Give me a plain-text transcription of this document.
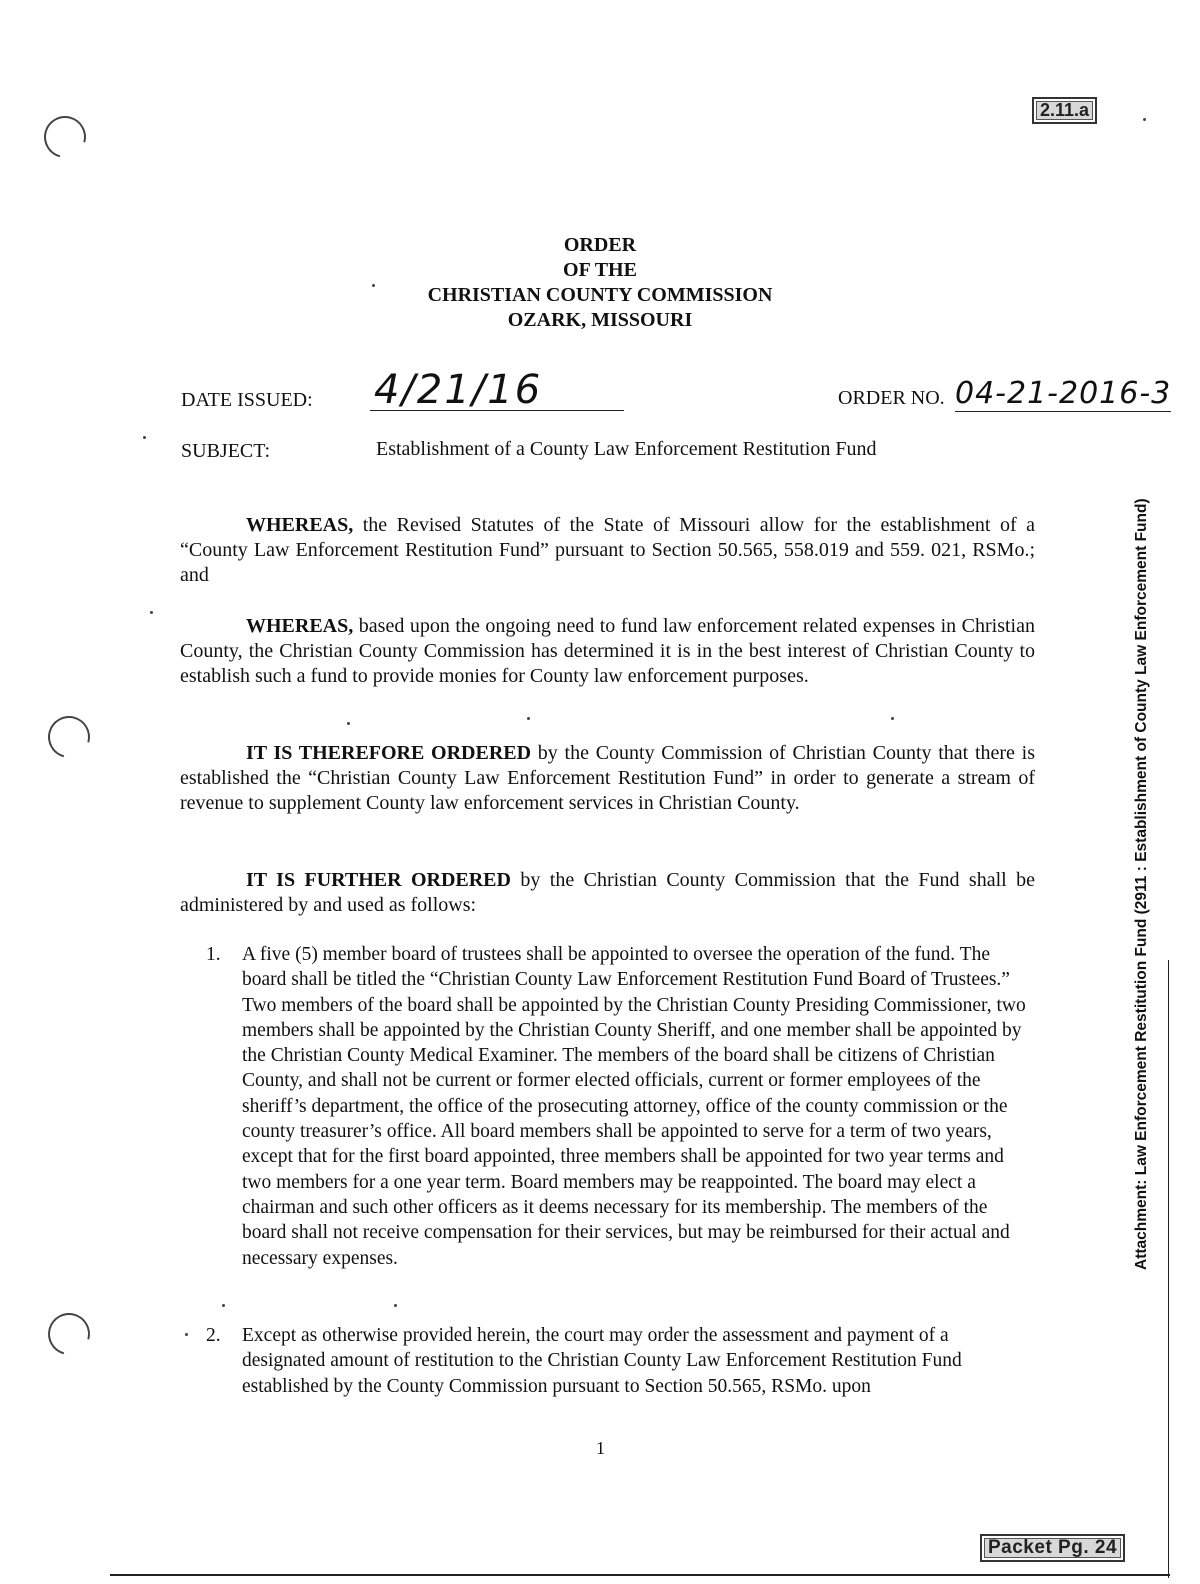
2.11.a
ORDER
OF THE
CHRISTIAN COUNTY COMMISSION
OZARK, MISSOURI
DATE ISSUED: 4/21/16	ORDER NO. 04-21-2016-3
SUBJECT:	Establishment of a County Law Enforcement Restitution Fund

WHEREAS, the Revised Statutes of the State of Missouri allow for the establishment of a “County Law Enforcement Restitution Fund” pursuant to Section 50.565, 558.019 and 559. 021, RSMo.; and

WHEREAS, based upon the ongoing need to fund law enforcement related expenses in Christian County, the Christian County Commission has determined it is in the best interest of Christian County to establish such a fund to provide monies for County law enforcement purposes.

IT IS THEREFORE ORDERED by the County Commission of Christian County that there is established the “Christian County Law Enforcement Restitution Fund” in order to generate a stream of revenue to supplement County law enforcement services in Christian County.

IT IS FURTHER ORDERED by the Christian County Commission that the Fund shall be administered by and used as follows:

1.	A five (5) member board of trustees shall be appointed to oversee the operation of the fund. The board shall be titled the “Christian County Law Enforcement Restitution Fund Board of Trustees.” Two members of the board shall be appointed by the Christian County Presiding Commissioner, two members shall be appointed by the Christian County Sheriff, and one member shall be appointed by the Christian County Medical Examiner. The members of the board shall be citizens of Christian County, and shall not be current or former elected officials, current or former employees of the sheriff’s department, the office of the prosecuting attorney, office of the county commission or the county treasurer’s office. All board members shall be appointed to serve for a term of two years, except that for the first board appointed, three members shall be appointed for two year terms and two members for a one year term. Board members may be reappointed. The board may elect a chairman and such other officers as it deems necessary for its membership. The members of the board shall not receive compensation for their services, but may be reimbursed for their actual and necessary expenses.
2.	Except as otherwise provided herein, the court may order the assessment and payment of a designated amount of restitution to the Christian County Law Enforcement Restitution Fund established by the County Commission pursuant to Section 50.565, RSMo. upon
1
Attachment: Law Enforcement Restitution Fund (2911 : Establishment of County Law Enforcement Fund)
Packet Pg. 24
